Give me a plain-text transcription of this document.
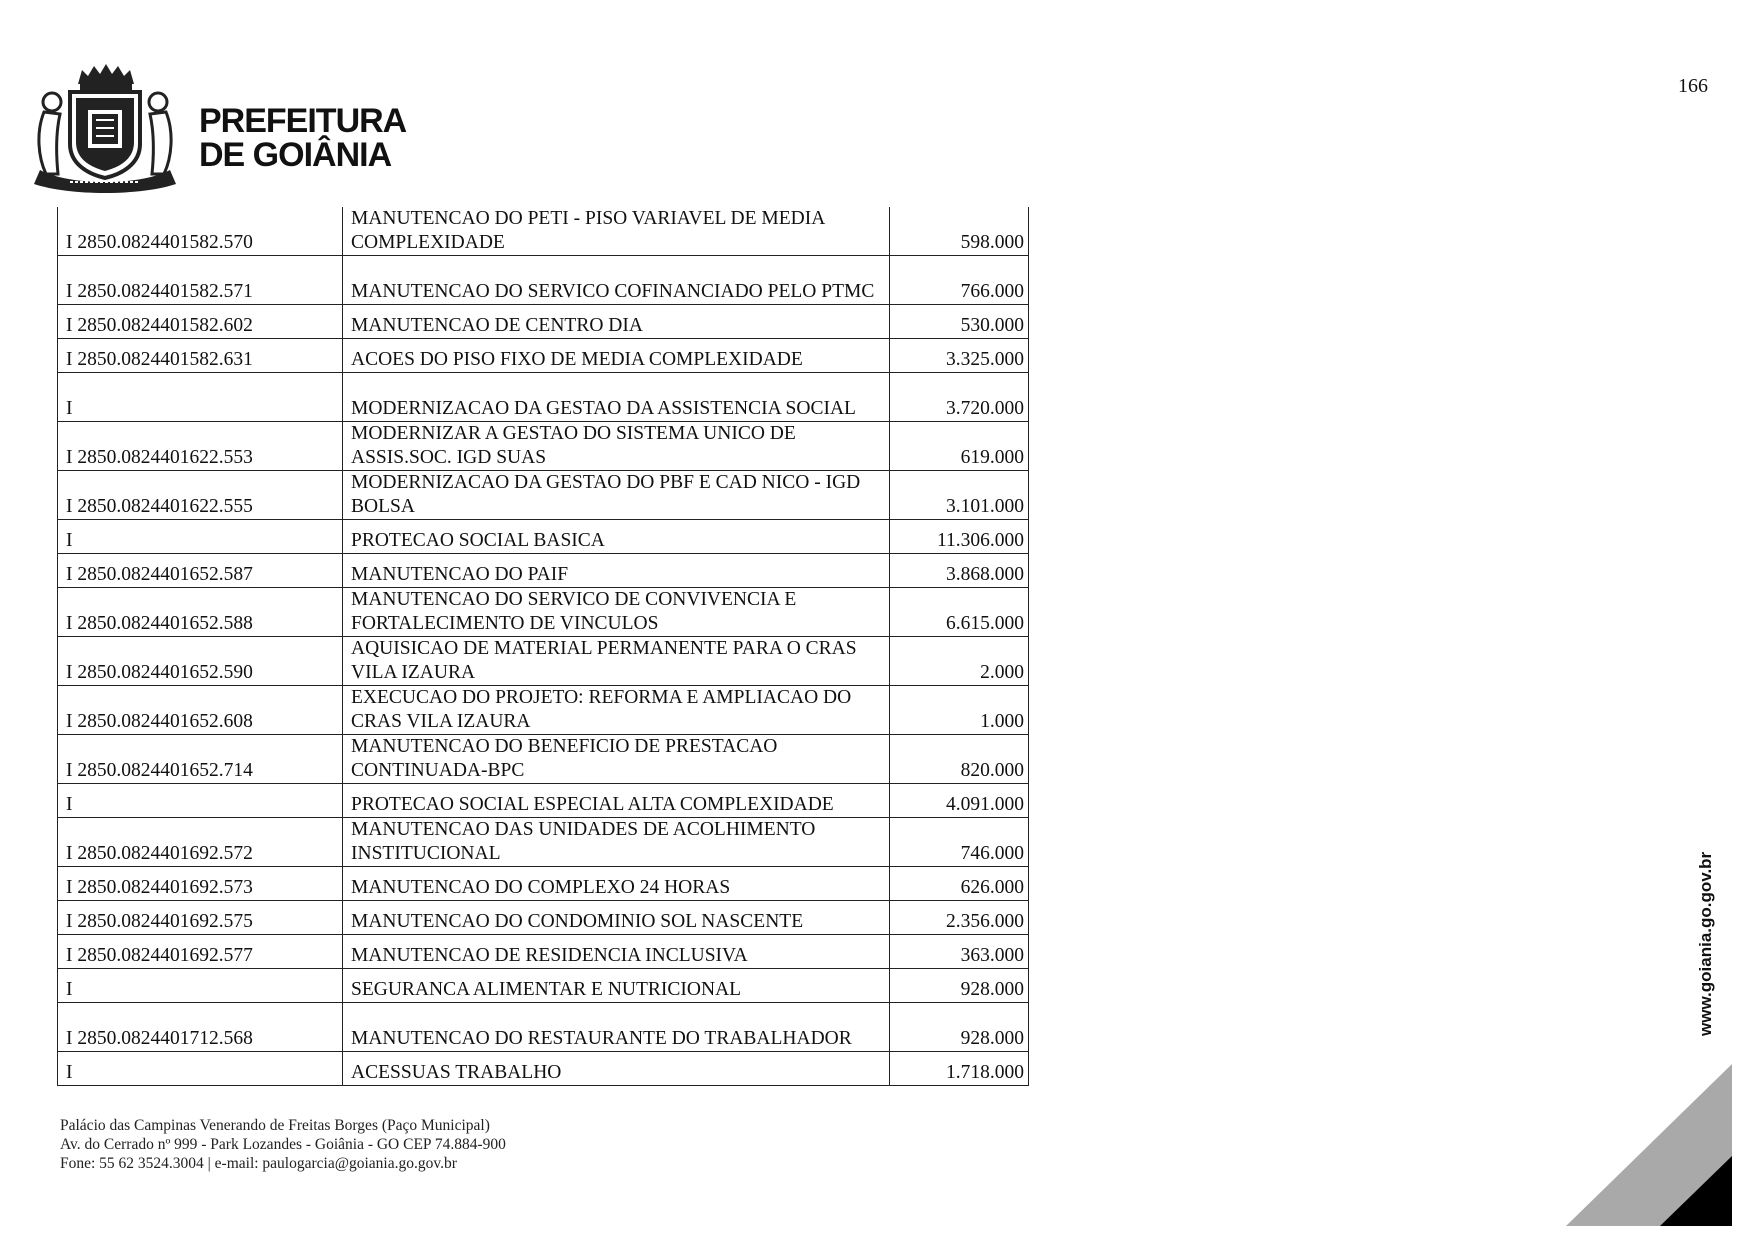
PREFEITURA
DE GOIÂNIA
166
I 2850.0824401582.570	MANUTENCAO DO PETI - PISO VARIAVEL DE MEDIA COMPLEXIDADE	598.000
I 2850.0824401582.571	MANUTENCAO DO SERVICO COFINANCIADO PELO PTMC	766.000
I 2850.0824401582.602	MANUTENCAO DE CENTRO DIA	530.000
I 2850.0824401582.631	ACOES DO PISO FIXO DE MEDIA COMPLEXIDADE	3.325.000
I	MODERNIZACAO DA GESTAO DA ASSISTENCIA SOCIAL	3.720.000
I 2850.0824401622.553	MODERNIZAR A GESTAO DO SISTEMA UNICO DE ASSIS.SOC. IGD SUAS	619.000
I 2850.0824401622.555	MODERNIZACAO DA GESTAO DO PBF E CAD NICO - IGD BOLSA	3.101.000
I	PROTECAO SOCIAL BASICA	11.306.000
I 2850.0824401652.587	MANUTENCAO DO PAIF	3.868.000
I 2850.0824401652.588	MANUTENCAO DO SERVICO DE CONVIVENCIA E FORTALECIMENTO DE VINCULOS	6.615.000
I 2850.0824401652.590	AQUISICAO DE MATERIAL PERMANENTE PARA O CRAS VILA IZAURA	2.000
I 2850.0824401652.608	EXECUCAO DO PROJETO: REFORMA E AMPLIACAO DO CRAS VILA IZAURA	1.000
I 2850.0824401652.714	MANUTENCAO DO BENEFICIO DE PRESTACAO CONTINUADA-BPC	820.000
I	PROTECAO SOCIAL ESPECIAL ALTA COMPLEXIDADE	4.091.000
I 2850.0824401692.572	MANUTENCAO DAS UNIDADES DE ACOLHIMENTO INSTITUCIONAL	746.000
I 2850.0824401692.573	MANUTENCAO DO COMPLEXO 24 HORAS	626.000
I 2850.0824401692.575	MANUTENCAO DO CONDOMINIO SOL NASCENTE	2.356.000
I 2850.0824401692.577	MANUTENCAO DE RESIDENCIA INCLUSIVA	363.000
I	SEGURANCA ALIMENTAR E NUTRICIONAL	928.000
I 2850.0824401712.568	MANUTENCAO DO RESTAURANTE DO TRABALHADOR	928.000
I	ACESSUAS TRABALHO	1.718.000
Palácio das Campinas Venerando de Freitas Borges (Paço Municipal)
Av. do Cerrado nº 999 - Park Lozandes - Goiânia - GO CEP 74.884-900
Fone: 55 62 3524.3004 | e-mail: paulogarcia@goiania.go.gov.br
www.goiania.go.gov.br
